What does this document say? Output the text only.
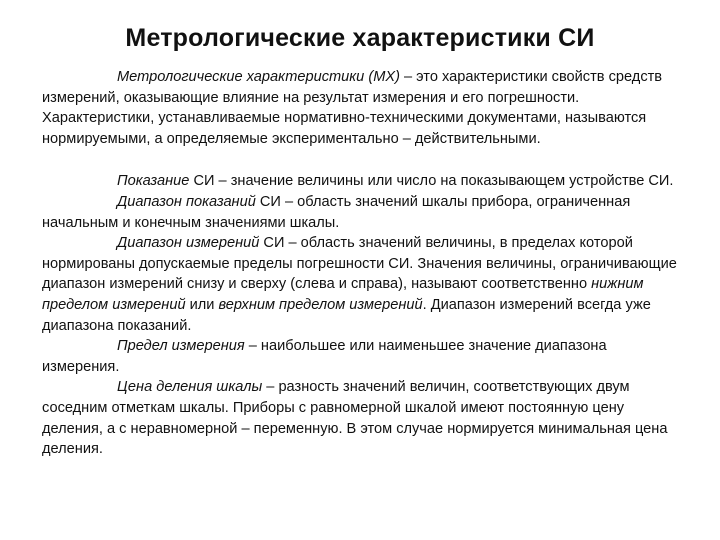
Метрологические характеристики СИ

Метрологические характеристики (МХ) – это характеристики свойств средств измерений, оказывающие влияние на результат измерения и его погрешности. Характеристики, устанавливаемые нормативно-техническими документами, называются нормируемыми, а определяемые экспериментально – действительными.

Показание СИ – значение величины или число на показывающем устройстве СИ.

Диапазон показаний СИ – область значений шкалы прибора, ограниченная начальным и конечным значениями шкалы.

Диапазон измерений СИ – область значений величины, в пределах которой нормированы допускаемые пределы погрешности СИ. Значения величины, ограничивающие диапазон измерений снизу и сверху (слева и справа), называют соответственно нижним пределом измерений или верхним пределом измерений. Диапазон измерений всегда уже диапазона показаний.

Предел измерения – наибольшее или наименьшее значение диапазона измерения.

Цена деления шкалы – разность значений величин, соответствующих двум соседним отметкам шкалы. Приборы с равномерной шкалой имеют постоянную цену деления, а с неравномерной – переменную. В этом случае нормируется минимальная цена деления.
